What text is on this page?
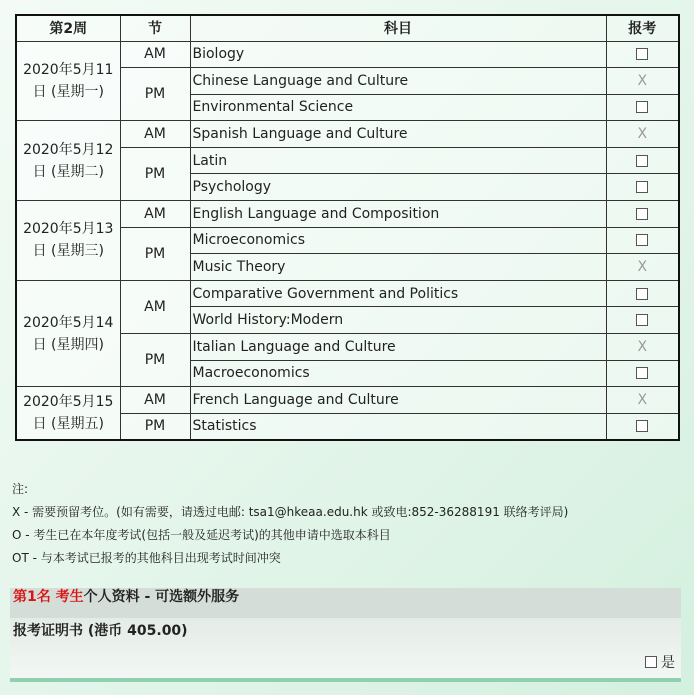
第2周	节	科目	报考
2020年5月11
日 (星期一)	AM	Biology	
	PM	Chinese Language and Culture	X
		Environmental Science	
2020年5月12
日 (星期二)	AM	Spanish Language and Culture	X
	PM	Latin	
		Psychology	
2020年5月13
日 (星期三)	AM	English Language and Composition	
	PM	Microeconomics	
		Music Theory	X
2020年5月14
日 (星期四)	AM	Comparative Government and Politics	
		World History:Modern	
	PM	Italian Language and Culture	X
		Macroeconomics	
2020年5月15
日 (星期五)	AM	French Language and Culture	X
	PM	Statistics	
注:
X - 需要预留考位。(如有需要，请透过电邮: tsa1@hkeaa.edu.hk 或致电:852-36288191 联络考评局)
O - 考生已在本年度考试(包括一般及延迟考试)的其他申请中选取本科目
OT - 与本考试已报考的其他科目出现考试时间冲突
第1名 考生个人资料 - 可选额外服务
报考证明书 (港币 405.00)
是
